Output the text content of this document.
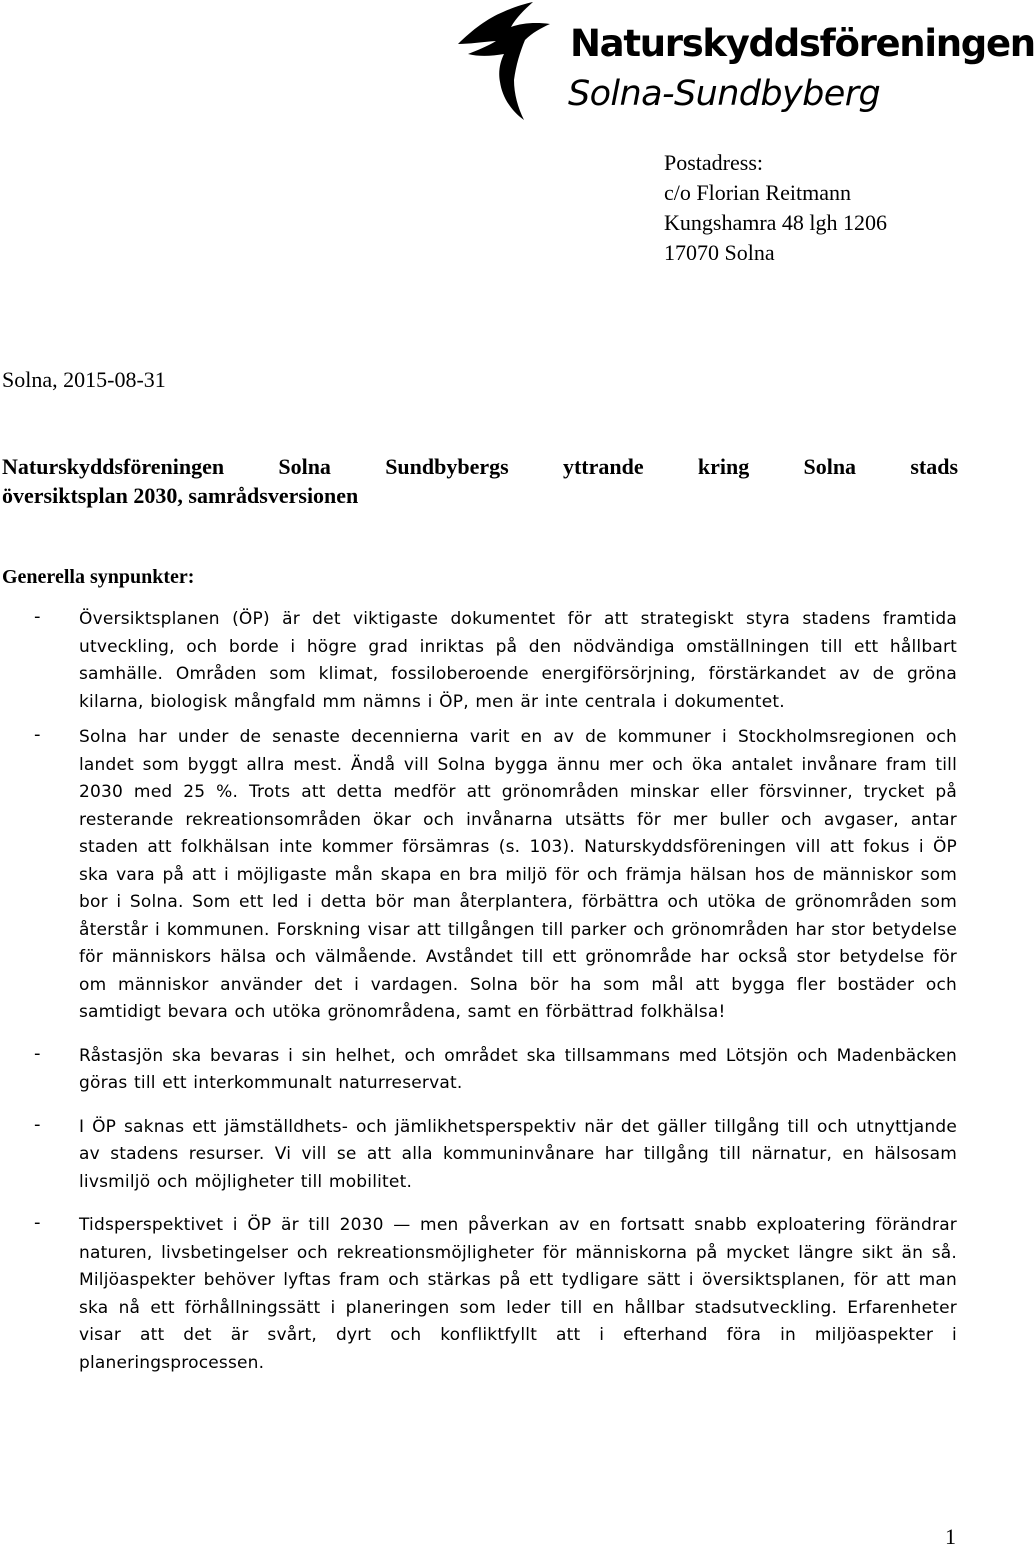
Naturskyddsföreningen
Solna-Sundbyberg
Postadress:
c/o Florian Reitmann
Kungshamra 48 lgh 1206
17070 Solna
Solna, 2015-08-31
Naturskyddsföreningen Solna Sundbybergs yttrande kring Solna stads
översiktsplan 2030, samrådsversionen
Generella synpunkter:
- Översiktsplanen (ÖP) är det viktigaste dokumentet för att strategiskt styra stadens framtida utveckling, och borde i högre grad inriktas på den nödvändiga omställningen till ett hållbart samhälle. Områden som klimat, fossiloberoende energiförsörjning, förstärkandet av de gröna kilarna, biologisk mångfald mm nämns i ÖP, men är inte centrala i dokumentet.

- Solna har under de senaste decennierna varit en av de kommuner i Stockholmsregionen och landet som byggt allra mest. Ändå vill Solna bygga ännu mer och öka antalet invånare fram till 2030 med 25 %. Trots att detta medför att grönområden minskar eller försvinner, trycket på resterande rekreationsområden ökar och invånarna utsätts för mer buller och avgaser, antar staden att folkhälsan inte kommer försämras (s. 103). Naturskyddsföreningen vill att fokus i ÖP ska vara på att i möjligaste mån skapa en bra miljö för och främja hälsan hos de människor som bor i Solna. Som ett led i detta bör man återplantera, förbättra och utöka de grönområden som återstår i kommunen. Forskning visar att tillgången till parker och grönområden har stor betydelse för människors hälsa och välmående. Avståndet till ett grönområde har också stor betydelse för om människor använder det i vardagen. Solna bör ha som mål att bygga fler bostäder och samtidigt bevara och utöka grönområdena, samt en förbättrad folkhälsa!

- Råstasjön ska bevaras i sin helhet, och området ska tillsammans med Lötsjön och Madenbäcken göras till ett interkommunalt naturreservat.

- I ÖP saknas ett jämställdhets- och jämlikhetsperspektiv när det gäller tillgång till och utnyttjande av stadens resurser. Vi vill se att alla kommuninvånare har tillgång till närnatur, en hälsosam livsmiljö och möjligheter till mobilitet.

- Tidsperspektivet i ÖP är till 2030 — men påverkan av en fortsatt snabb exploatering förändrar naturen, livsbetingelser och rekreationsmöjligheter för människorna på mycket längre sikt än så. Miljöaspekter behöver lyftas fram och stärkas på ett tydligare sätt i översiktsplanen, för att man ska nå ett förhållningssätt i planeringen som leder till en hållbar stadsutveckling. Erfarenheter visar att det är svårt, dyrt och konfliktfyllt att i efterhand föra in miljöaspekter i planeringsprocessen.

1
